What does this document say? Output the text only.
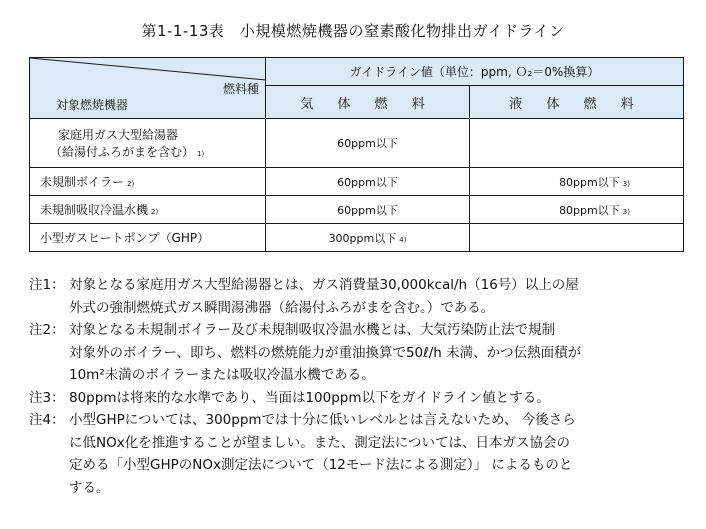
第1-1-13表　小規模燃焼機器の窒素酸化物排出ガイドライン
燃料種
対象燃焼機器	ガイドライン値（単位：ppm, Ｏ₂＝0%換算）	
	気 体 燃 料	液 体 燃 料

家庭用ガス大型給湯器
（給湯付ふろがまを含む） 1)	60ppm以下	
未規制ボイラー 2)	60ppm以下	80ppm以下 3)
未規制吸収冷温水機 2)	60ppm以下	80ppm以下 3)
小型ガスヒートポンプ（GHP）	300ppm以下 4)	
注1： 対象となる家庭用ガス大型給湯器とは、ガス消費量30,000kcal/h（16号）以上の屋
外式の強制燃焼式ガス瞬間湯沸器（給湯付ふろがまを含む。）である。
注2： 対象となる未規制ボイラー及び未規制吸収冷温水機とは、大気汚染防止法で規制
対象外のボイラー、即ち、燃料の燃焼能力が重油換算で50ℓ/h 未満、かつ伝熱面積が
10m²未満のボイラーまたは吸収冷温水機である。
注3： 80ppmは将来的な水準であり、当面は100ppm以下をガイドライン値とする。
注4： 小型GHPについては、300ppmでは十分に低いレベルとは言えないため、 今後さら
に低NOx化を推進することが望ましい。また、測定法については、日本ガス協会の
定める「小型GHPのNOx測定法について（12モード法による測定）」 によるものと
する。
